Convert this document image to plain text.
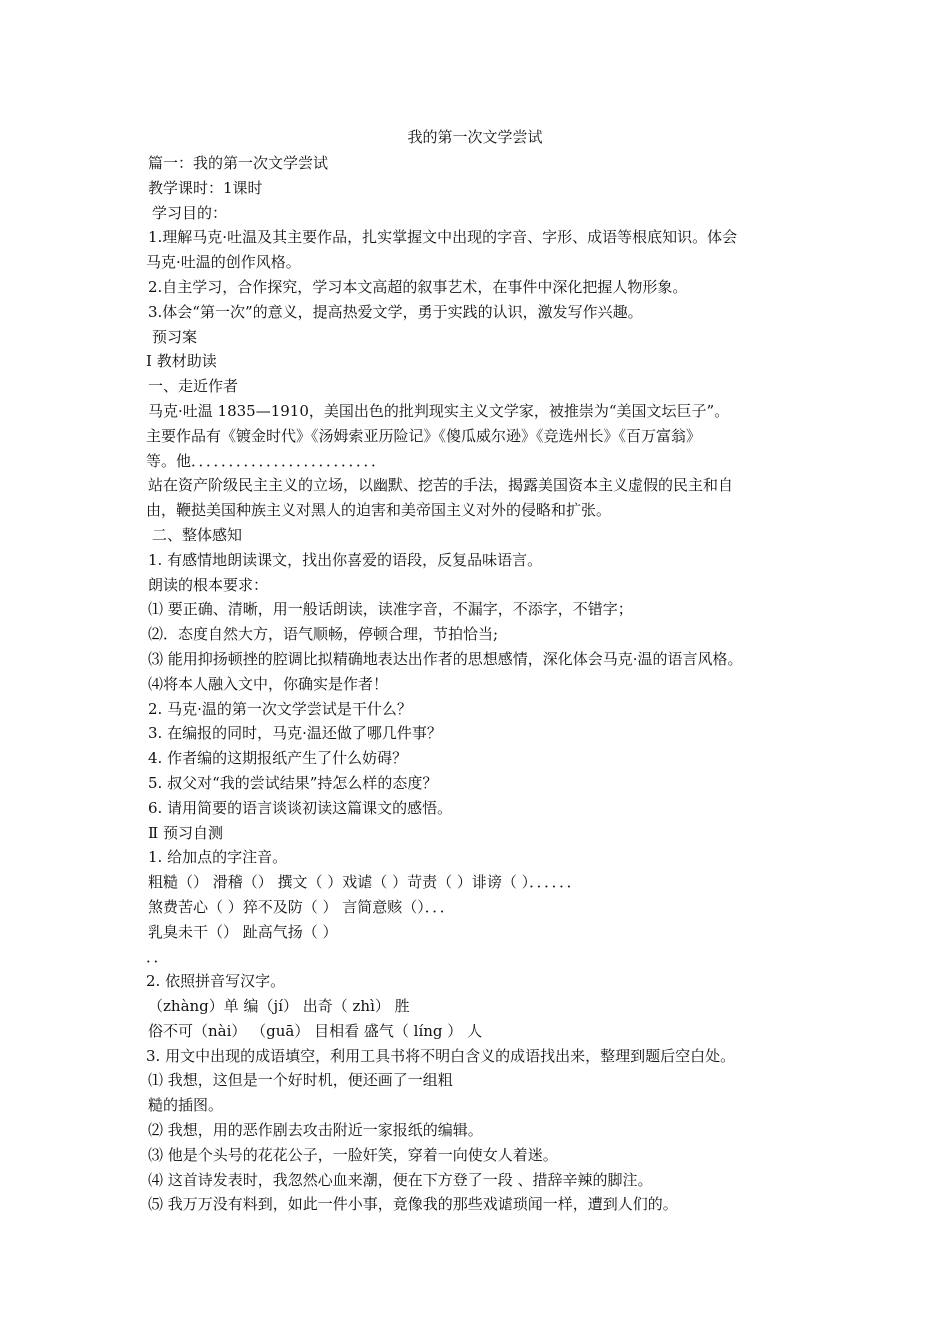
我的第一次文学尝试

篇一：我的第一次文学尝试

教学课时：1课时

学习目的：

1.理解马克·吐温及其主要作品，扎实掌握文中出现的字音、字形、成语等根底知识。体会

马克·吐温的创作风格。

2.自主学习，合作探究，学习本文高超的叙事艺术，在事件中深化把握人物形象。

3.体会“第一次”的意义，提高热爱文学，勇于实践的认识，激发写作兴趣。

预习案

Ⅰ 教材助读

一、走近作者

马克·吐温 1835—1910，美国出色的批判现实主义文学家，被推崇为“美国文坛巨子”。

主要作品有《镀金时代》《汤姆索亚历险记》《傻瓜威尔逊》《竞选州长》《百万富翁》

等。他．．．．．．．．．．．．．．．．．．．．．．．．．

站在资产阶级民主主义的立场，以幽默、挖苦的手法，揭露美国资本主义虚假的民主和自

由，鞭挞美国种族主义对黑人的迫害和美帝国主义对外的侵略和扩张。

二、整体感知

1. 有感情地朗读课文，找出你喜爱的语段，反复品味语言。

朗读的根本要求：

⑴ 要正确、清晰，用一般话朗读，读准字音，不漏字，不添字，不错字；

⑵．态度自然大方，语气顺畅，停顿合理，节拍恰当;

⑶ 能用抑扬顿挫的腔调比拟精确地表达出作者的思想感情，深化体会马克·温的语言风格。

⑷将本人融入文中，你确实是作者！

2. 马克·温的第一次文学尝试是干什么？

3. 在编报的同时，马克·温还做了哪几件事？

4. 作者编的这期报纸产生了什么妨碍？

5. 叔父对“我的尝试结果”持怎么样的态度？

6. 请用简要的语言谈谈初读这篇课文的感悟。

Ⅱ 预习自测

1. 给加点的字注音。

粗糙（） 滑稽（） 撰文（ ）戏谑（ ）苛责（ ）诽谤（ ）．．．．．．

煞费苦心（ ）猝不及防（ ） 言简意赅（）．．．

乳臭未干（） 趾高气扬（ ）

．．

2. 依照拼音写汉字。

（zhàng）单 编（jí） 出奇（ zhì） 胜

俗不可（nài） （guā） 目相看 盛气（ líng ） 人

3. 用文中出现的成语填空，利用工具书将不明白含义的成语找出来，整理到题后空白处。

⑴ 我想，这但是一个好时机，便还画了一组粗

糙的插图。

⑵ 我想，用的恶作剧去攻击附近一家报纸的编辑。

⑶ 他是个头号的花花公子，一脸奸笑，穿着一向使女人着迷。

⑷ 这首诗发表时，我忽然心血来潮，便在下方登了一段 、措辞辛辣的脚注。

⑸ 我万万没有料到，如此一件小事，竟像我的那些戏谑琐闻一样，遭到人们的。
